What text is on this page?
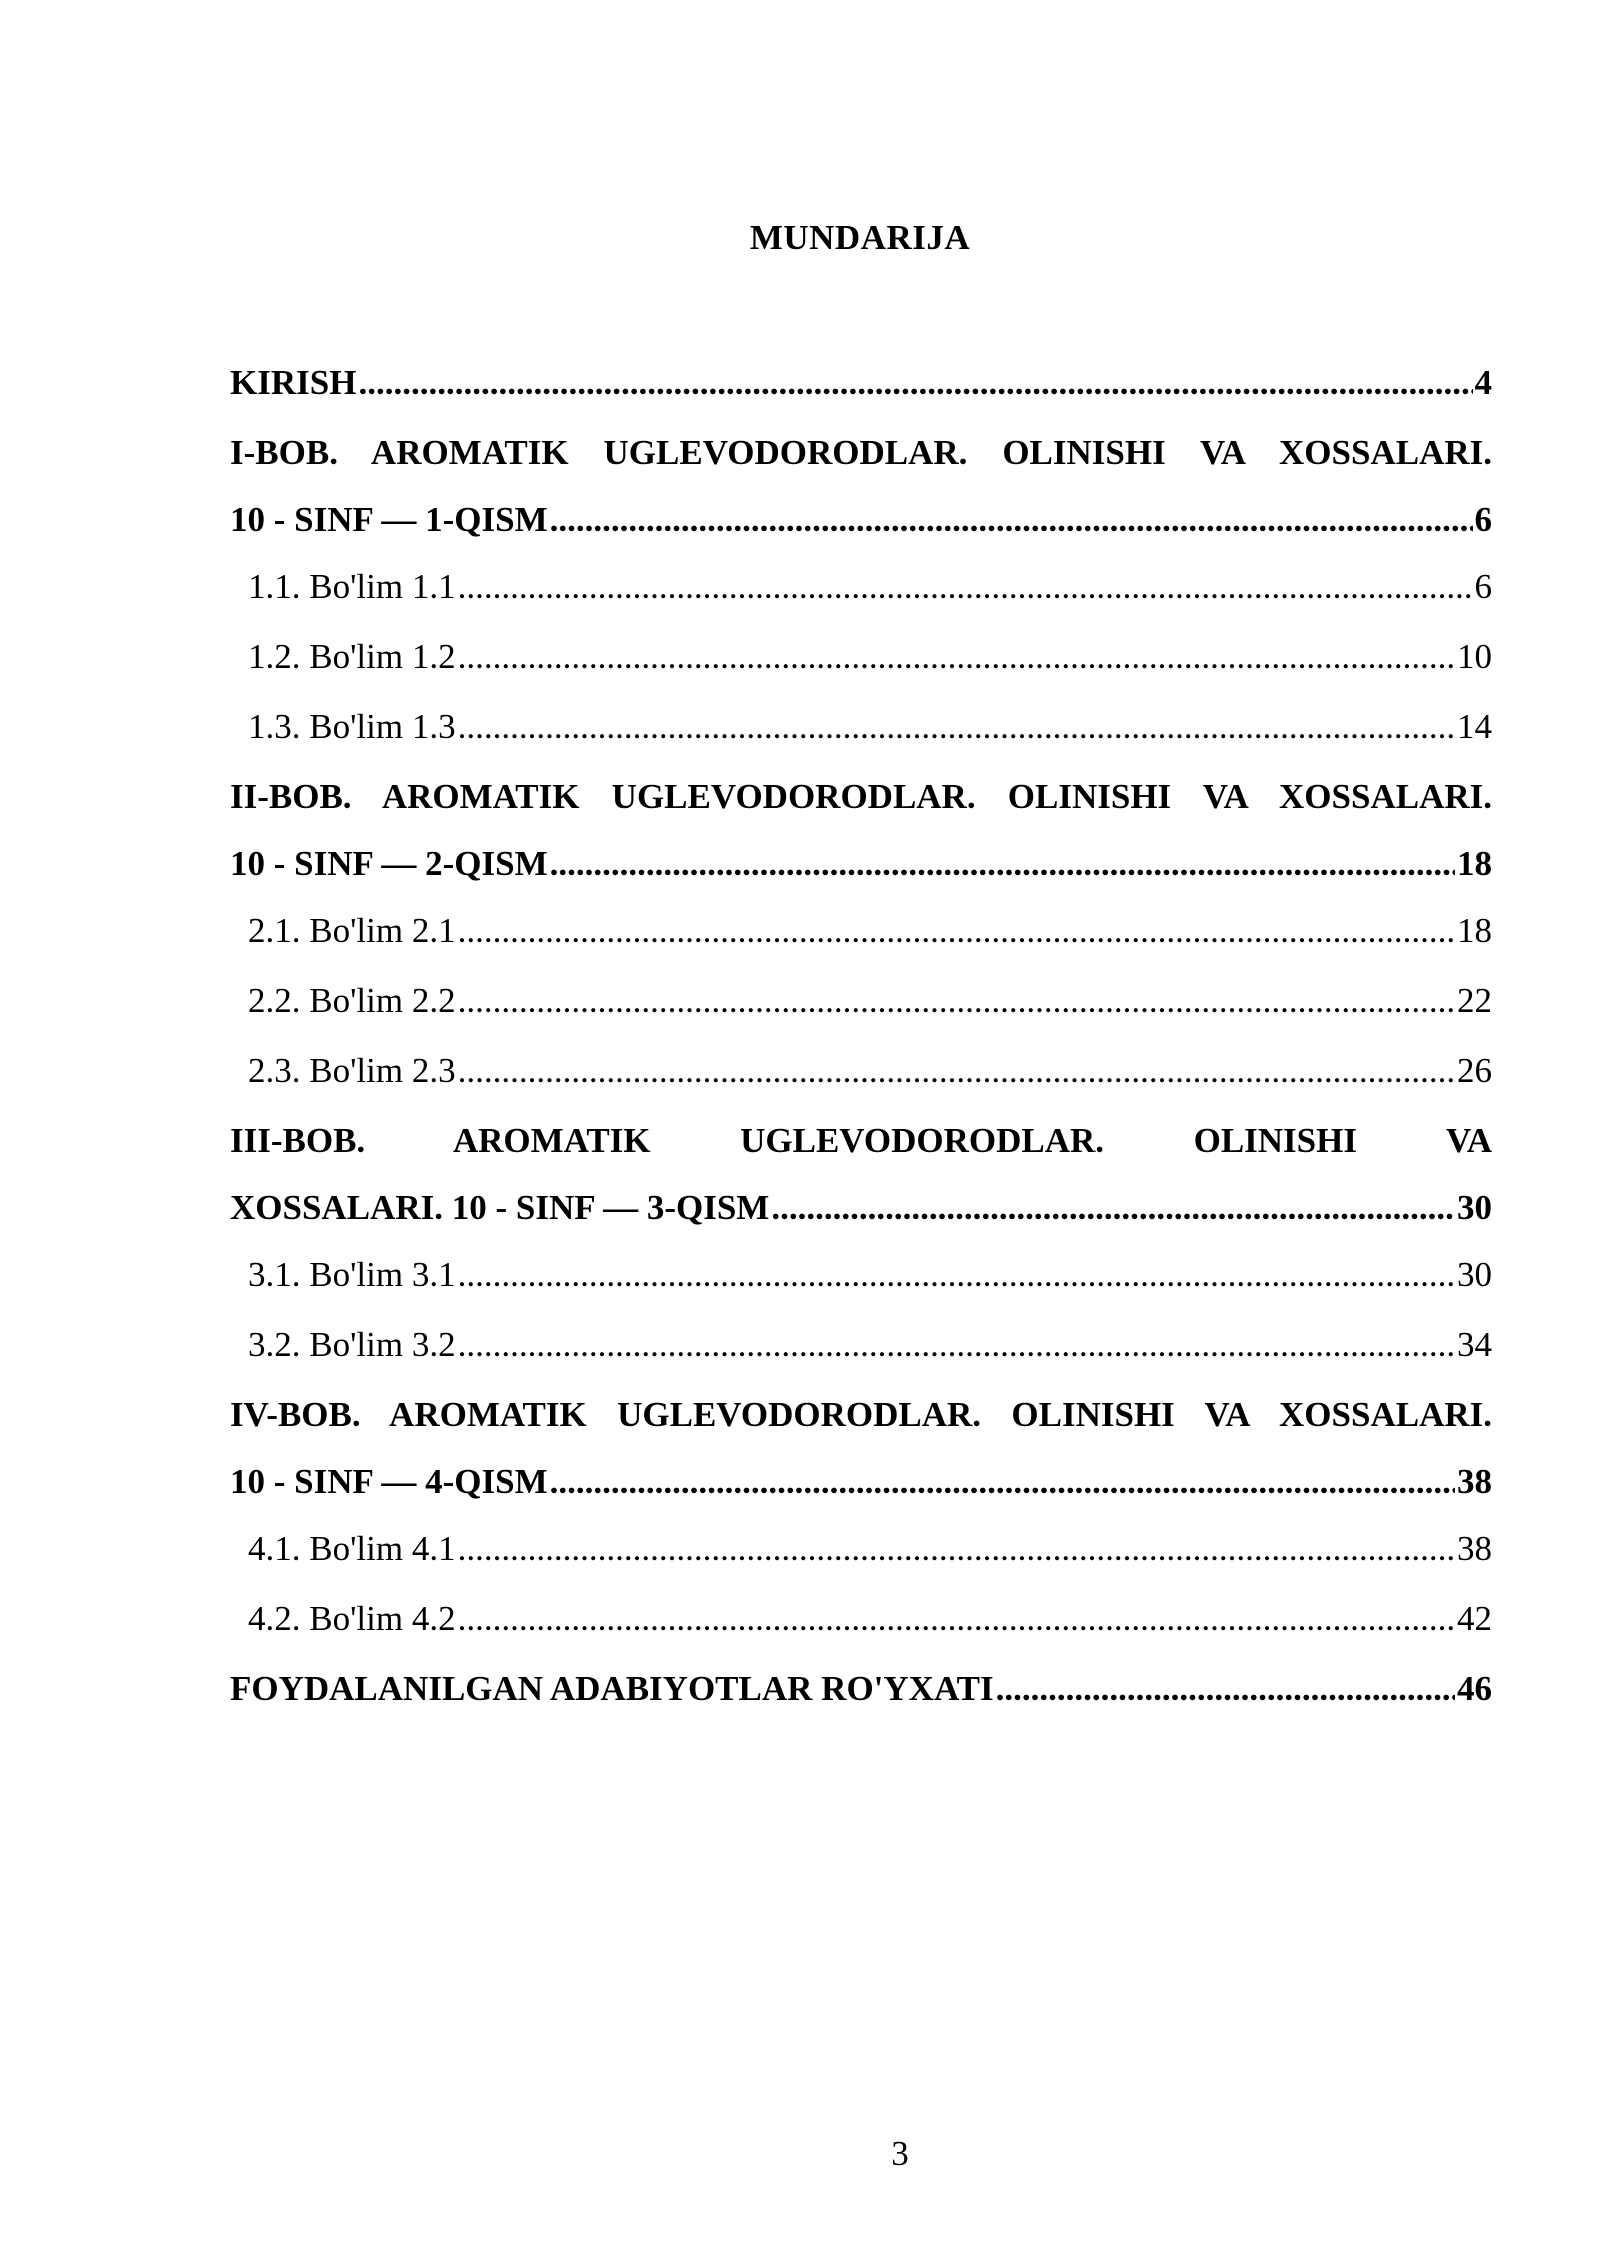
MUNDARIJA
KIRISH .....	4
I-BOB. AROMATIK UGLEVODORODLAR. OLINISHI VA XOSSALARI.
10 - SINF — 1-QISM .....	6
1.1. Bo'lim 1.1 .....	6
1.2. Bo'lim 1.2 .....	10
1.3. Bo'lim 1.3 .....	14
II-BOB. AROMATIK UGLEVODORODLAR. OLINISHI VA XOSSALARI.
10 - SINF — 2-QISM .....	18
2.1. Bo'lim 2.1 .....	18
2.2. Bo'lim 2.2 .....	22
2.3. Bo'lim 2.3 .....	26
III-BOB. AROMATIK UGLEVODORODLAR. OLINISHI VA
XOSSALARI. 10 - SINF — 3-QISM .....	30
3.1. Bo'lim 3.1 .....	30
3.2. Bo'lim 3.2 .....	34
IV-BOB. AROMATIK UGLEVODORODLAR. OLINISHI VA XOSSALARI.
10 - SINF — 4-QISM .....	38
4.1. Bo'lim 4.1 .....	38
4.2. Bo'lim 4.2 .....	42
FOYDALANILGAN ADABIYOTLAR RO'YXATI .....	46
3
